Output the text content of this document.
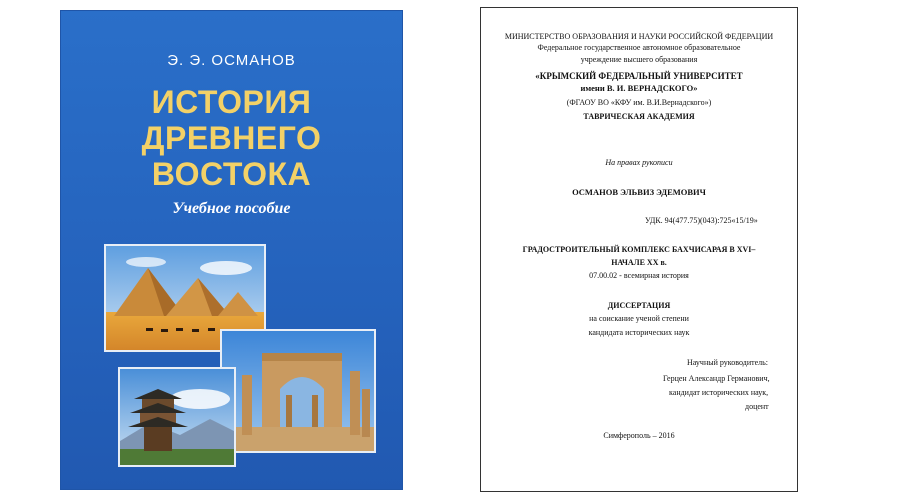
Э. Э. ОСМАНОВ
ИСТОРИЯ
ДРЕВНЕГО
ВОСТОКА
Учебное пособие
МИНИСТЕРСТВО ОБРАЗОВАНИЯ И НАУКИ РОССИЙСКОЙ ФЕДЕРАЦИИ
Федеральное государственное автономное образовательное
учреждение высшего образования
«КРЫМСКИЙ ФЕДЕРАЛЬНЫЙ УНИВЕРСИТЕТ
имени В. И. ВЕРНАДСКОГО»
(ФГАОУ ВО «КФУ им. В.И.Вернадского»)
ТАВРИЧЕСКАЯ АКАДЕМИЯ
На правах рукописи
ОСМАНОВ ЭЛЬВИЗ ЭДЕМОВИЧ
УДК. 94(477.75)(043):725«15/19»
ГРАДОСТРОИТЕЛЬНЫЙ КОМПЛЕКС БАХЧИСАРАЯ В XVI–
НАЧАЛЕ XX в.
07.00.02 - всемирная история
ДИССЕРТАЦИЯ
на соискание ученой степени
кандидата исторических наук
Научный руководитель:
Герцен Александр Германович,
кандидат исторических наук,
доцент
Симферополь – 2016
